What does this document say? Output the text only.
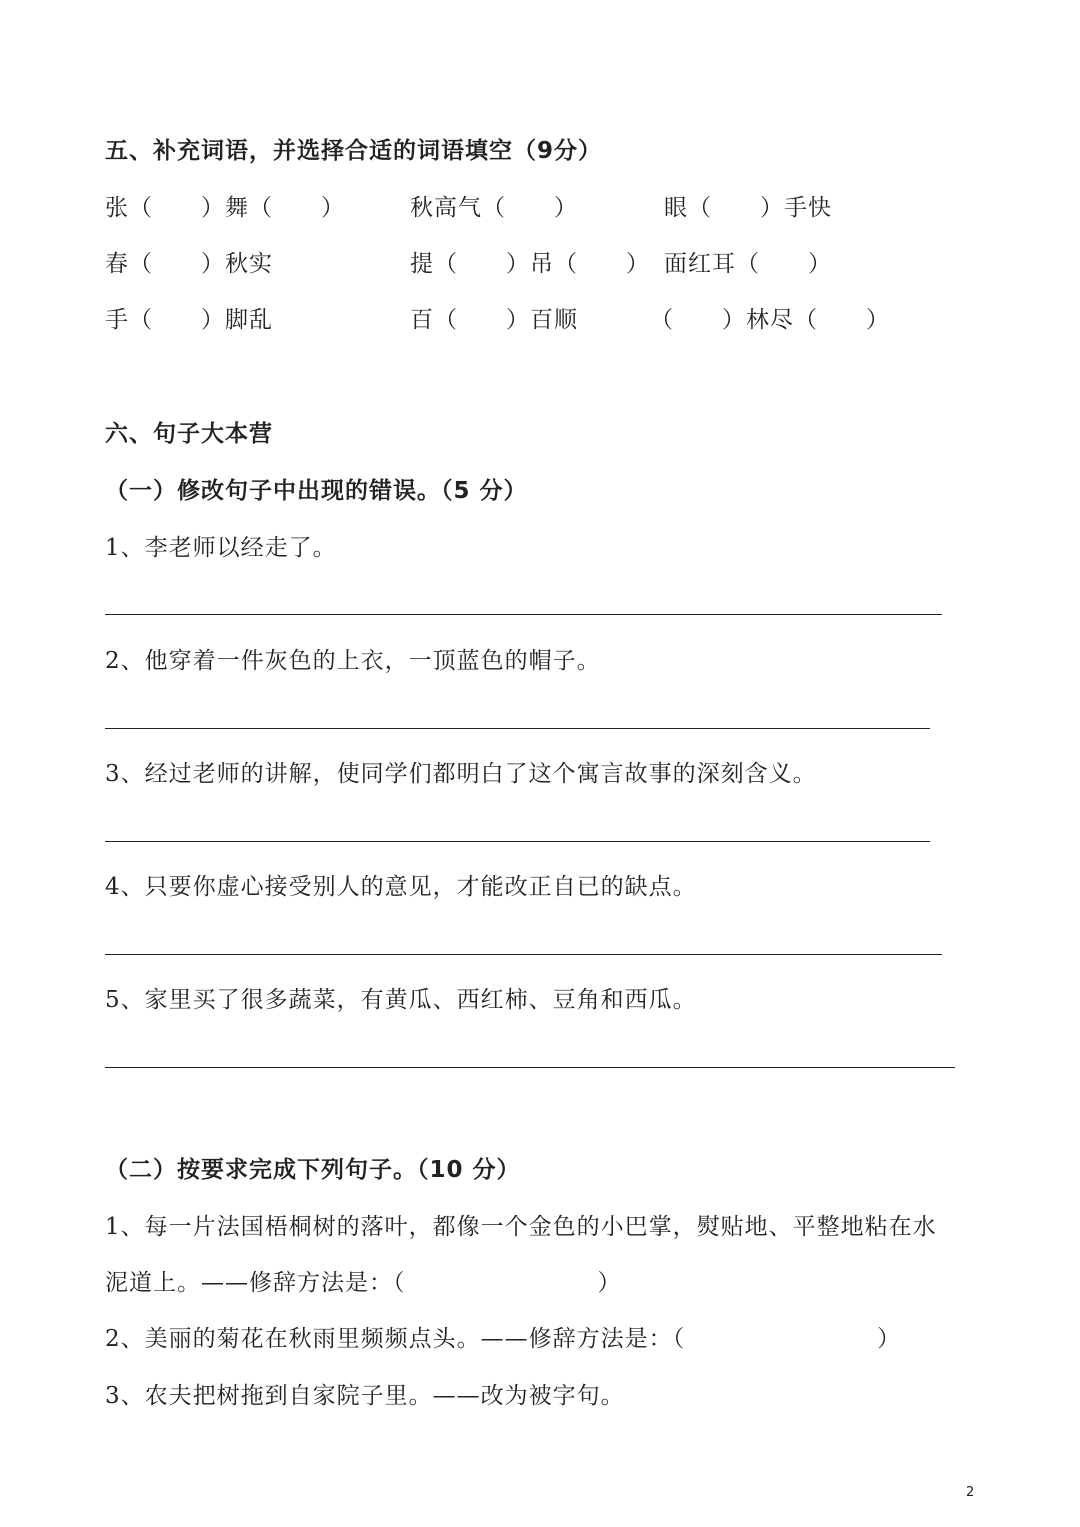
五、补充词语，并选择合适的词语填空（9分）
张（　　）舞（　　）	秋高气（　　）	眼（　　）手快
春（　　）秋实	提（　　）吊（　　） 面红耳（　　）
手（　　）脚乱	百（　　）百顺	（　　）林尽（　　）
六、句子大本营
（一）修改句子中出现的错误。（5 分）
1、李老师以经走了。
2、他穿着一件灰色的上衣，一顶蓝色的帽子。
3、经过老师的讲解，使同学们都明白了这个寓言故事的深刻含义。
4、只要你虚心接受别人的意见，才能改正自已的缺点。
5、家里买了很多蔬菜，有黄瓜、西红柿、豆角和西瓜。
（二）按要求完成下列句子。（10 分）
1、每一片法国梧桐树的落叶，都像一个金色的小巴掌，熨贴地、平整地粘在水
泥道上。——修辞方法是：（　　　　　　　　）
2、美丽的菊花在秋雨里频频点头。——修辞方法是：（　　　　　　　　）
3、农夫把树拖到自家院子里。——改为被字句。
2
